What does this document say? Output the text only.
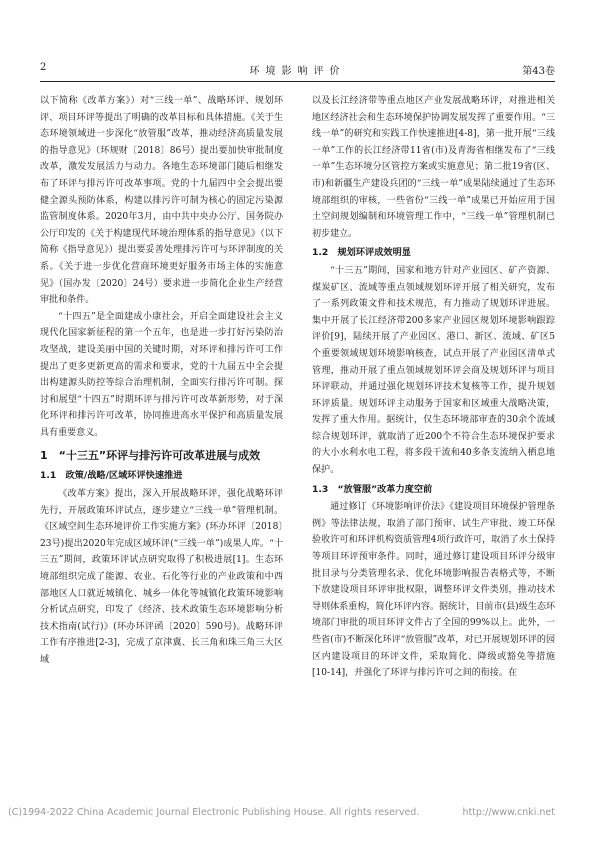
2	环境影响评价	第43卷

以下简称《改革方案》）对“三线一单”、战略环评、规划环评、项目环评等提出了明确的改革目标和具体措施。《关于生态环境领域进一步深化“放管服”改革，推动经济高质量发展的指导意见》（环规财〔2018〕86号）提出要加快审批制度改革，激发发展活力与动力。各地生态环境部门随后相继发布了环评与排污许可改革事项。党的十九届四中全会提出要健全源头预防体系，构建以排污许可制为核心的固定污染源监管制度体系。2020年3月，由中共中央办公厅、国务院办公厅印发的《关于构建现代环境治理体系的指导意见》（以下简称《指导意见》）提出要妥善处理排污许可与环评制度的关系。《关于进一步优化营商环境更好服务市场主体的实施意见》（国办发〔2020〕24号）要求进一步简化企业生产经营审批和条件。

“十四五”是全面建成小康社会，开启全面建设社会主义现代化国家新征程的第一个五年，也是进一步打好污染防治攻坚战，建设美丽中国的关键时期，对环评和排污许可工作提出了更多更新更高的需求和要求，党的十九届五中全会提出构建源头防控等综合治理机制，全面实行排污许可制。探讨和展望“十四五”时期环评与排污许可改革新形势，对于深化环评和排污许可改革，协同推进高水平保护和高质量发展具有重要意义。

1　“十三五”环评与排污许可改革进展与成效
1.1　政策/战略/区域环评快速推进

《改革方案》提出，深入开展战略环评，强化战略环评先行，开展政策环评试点，逐步建立“三线一单”管理机制。《区域空间生态环境评价工作实施方案》(环办环评〔2018〕23号)提出2020年完成区域环评(“三线一单”)成果人库。“十三五”期间，政策环评试点研究取得了积极进展[1]。生态环境部组织完成了能源、农业、石化等行业的产业政策和中西部地区人口就近城镇化、城乡一体化等城镇化政策环境影响分析试点研究，印发了《经济、技术政策生态环境影响分析技术指南(试行)》(环办环评函〔2020〕590号)。战略环评工作有序推进[2-3]，完成了京津冀、长三角和珠三角三大区域

以及长江经济带等重点地区产业发展战略环评，对推进相关地区经济社会和生态环境保护协调发展发挥了重要作用。“三线一单”的研究和实践工作快速推进[4-8]，第一批开展“三线一单”工作的长江经济带11省(市)及青海省相继发布了“三线一单”生态环境分区管控方案或实施意见；第二批19省(区、市)和新疆生产建设兵团的“三线一单”成果陆续通过了生态环境部组织的审核，一些省份“三线一单”成果已开始应用于国土空间规划编制和环境管理工作中，“三线一单”管理机制已初步建立。

1.2　规划环评成效明显

“十三五”期间，国家和地方针对产业园区、矿产资源、煤炭矿区、流域等重点领域规划环评开展了相关研究，发布了一系列政策文件和技术规范，有力推动了规划环评进展。集中开展了长江经济带200多家产业园区规划环境影响跟踪评价[9]，陆续开展了产业园区、港口、新区、流域、矿区5个重要领域规划环境影响核查，试点开展了产业园区清单式管理，推动开展了重点领域规划环评会商及规划环评与项目环评联动，并通过强化规划环评技术复核等工作，提升规划环评质量。规划环评主动服务于国家和区域重大战略决策，发挥了重大作用。据统计，仅生态环境部审查的30余个流域综合规划环评，就取消了近200个不符合生态环境保护要求的大小水利水电工程，将多段干流和40多条支流纳入栖息地保护。

1.3　“放管服”改革力度空前

通过修订《环境影响评价法》《建设项目环境保护管理条例》等法律法规，取消了部门预审、试生产审批、竣工环保验收许可和环评机构资质管理4项行政许可，取消了水土保持等项目环评预审条件。同时，通过修订建设项目环评分级审批目录与分类管理名录、优化环境影响报告表格式等，不断下放建设项目环评审批权限，调整环评文件类别，推动技术导则体系重构，简化环评内容。据统计，目前市(县)级生态环境部门审批的项目环评文件占了全国的99%以上。此外，一些省(市)不断深化环评“放管服”改革，对已开展规划环评的园区内建设项目的环评文件，采取简化、降级或豁免等措施[10-14]，并强化了环评与排污许可之间的衔接。在

(C)1994-2022 China Academic Journal Electronic Publishing House. All rights reserved.	http://www.cnki.net
